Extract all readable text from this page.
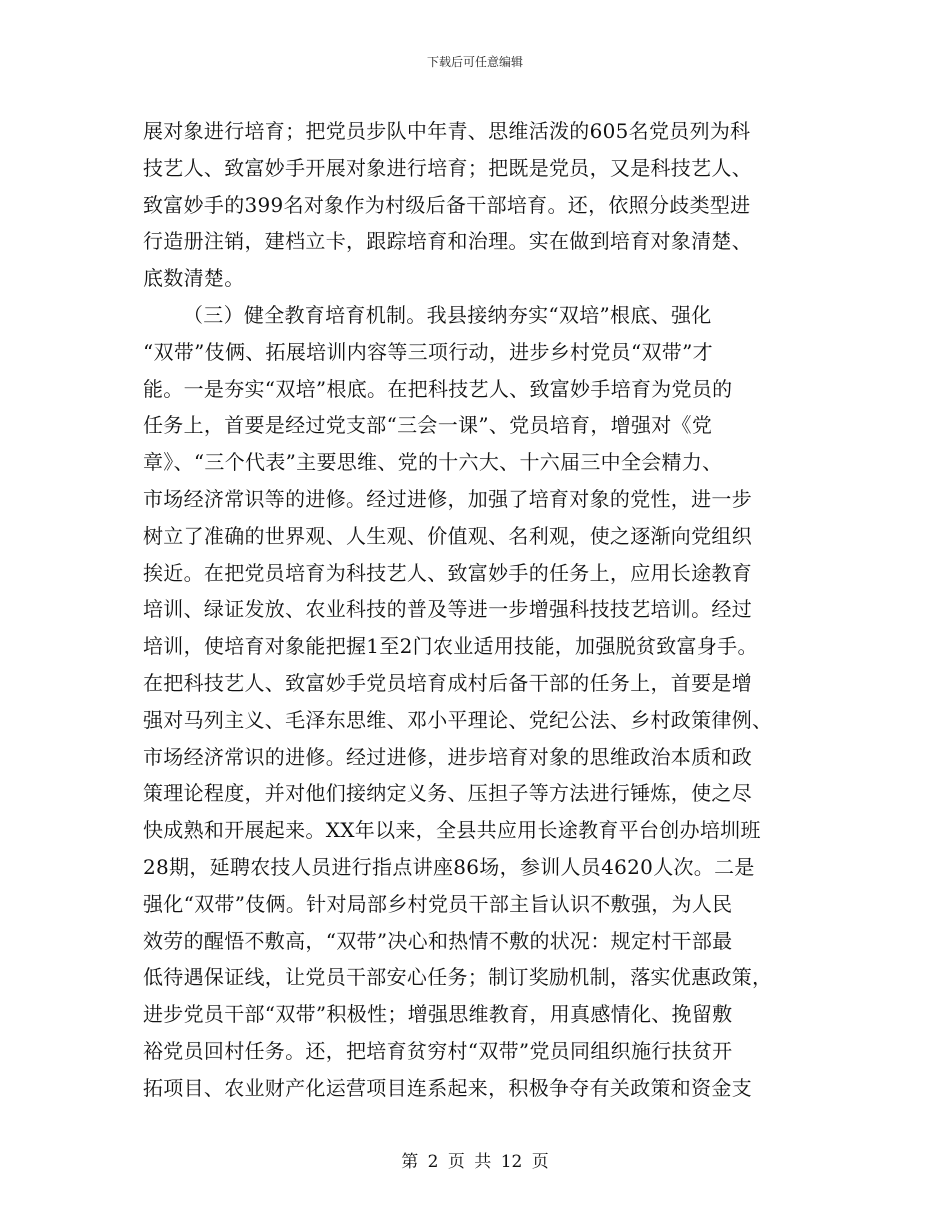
下载后可任意编辑
展对象进行培育；把党员步队中年青、思维活泼的605名党员列为科
技艺人、致富妙手开展对象进行培育；把既是党员，又是科技艺人、
致富妙手的399名对象作为村级后备干部培育。还，依照分歧类型进
行造册注销，建档立卡，跟踪培育和治理。实在做到培育对象清楚、
底数清楚。
（三）健全教育培育机制。我县接纳夯实“双培”根底、强化
“双带”伎俩、拓展培训内容等三项行动，进步乡村党员“双带”才
能。一是夯实“双培”根底。在把科技艺人、致富妙手培育为党员的
任务上，首要是经过党支部“三会一课”、党员培育，增强对《党
章》、“三个代表”主要思维、党的十六大、十六届三中全会精力、
市场经济常识等的进修。经过进修，加强了培育对象的党性，进一步
树立了准确的世界观、人生观、价值观、名利观，使之逐渐向党组织
挨近。在把党员培育为科技艺人、致富妙手的任务上，应用长途教育
培训、绿证发放、农业科技的普及等进一步增强科技技艺培训。经过
培训，使培育对象能把握1至2门农业适用技能，加强脱贫致富身手。
在把科技艺人、致富妙手党员培育成村后备干部的任务上，首要是增
强对马列主义、毛泽东思维、邓小平理论、党纪公法、乡村政策律例、
市场经济常识的进修。经过进修，进步培育对象的思维政治本质和政
策理论程度，并对他们接纳定义务、压担子等方法进行锤炼，使之尽
快成熟和开展起来。XX年以来，全县共应用长途教育平台创办培圳班
28期，延聘农技人员进行指点讲座86场，参训人员4620人次。二是
强化“双带”伎俩。针对局部乡村党员干部主旨认识不敷强，为人民
效劳的醒悟不敷高，“双带”决心和热情不敷的状况：规定村干部最
低待遇保证线，让党员干部安心任务；制订奖励机制，落实优惠政策，
进步党员干部“双带”积极性；增强思维教育，用真感情化、挽留敷
裕党员回村任务。还，把培育贫穷村“双带”党员同组织施行扶贫开
拓项目、农业财产化运营项目连系起来，积极争夺有关政策和资金支
第 2 页 共 12 页
